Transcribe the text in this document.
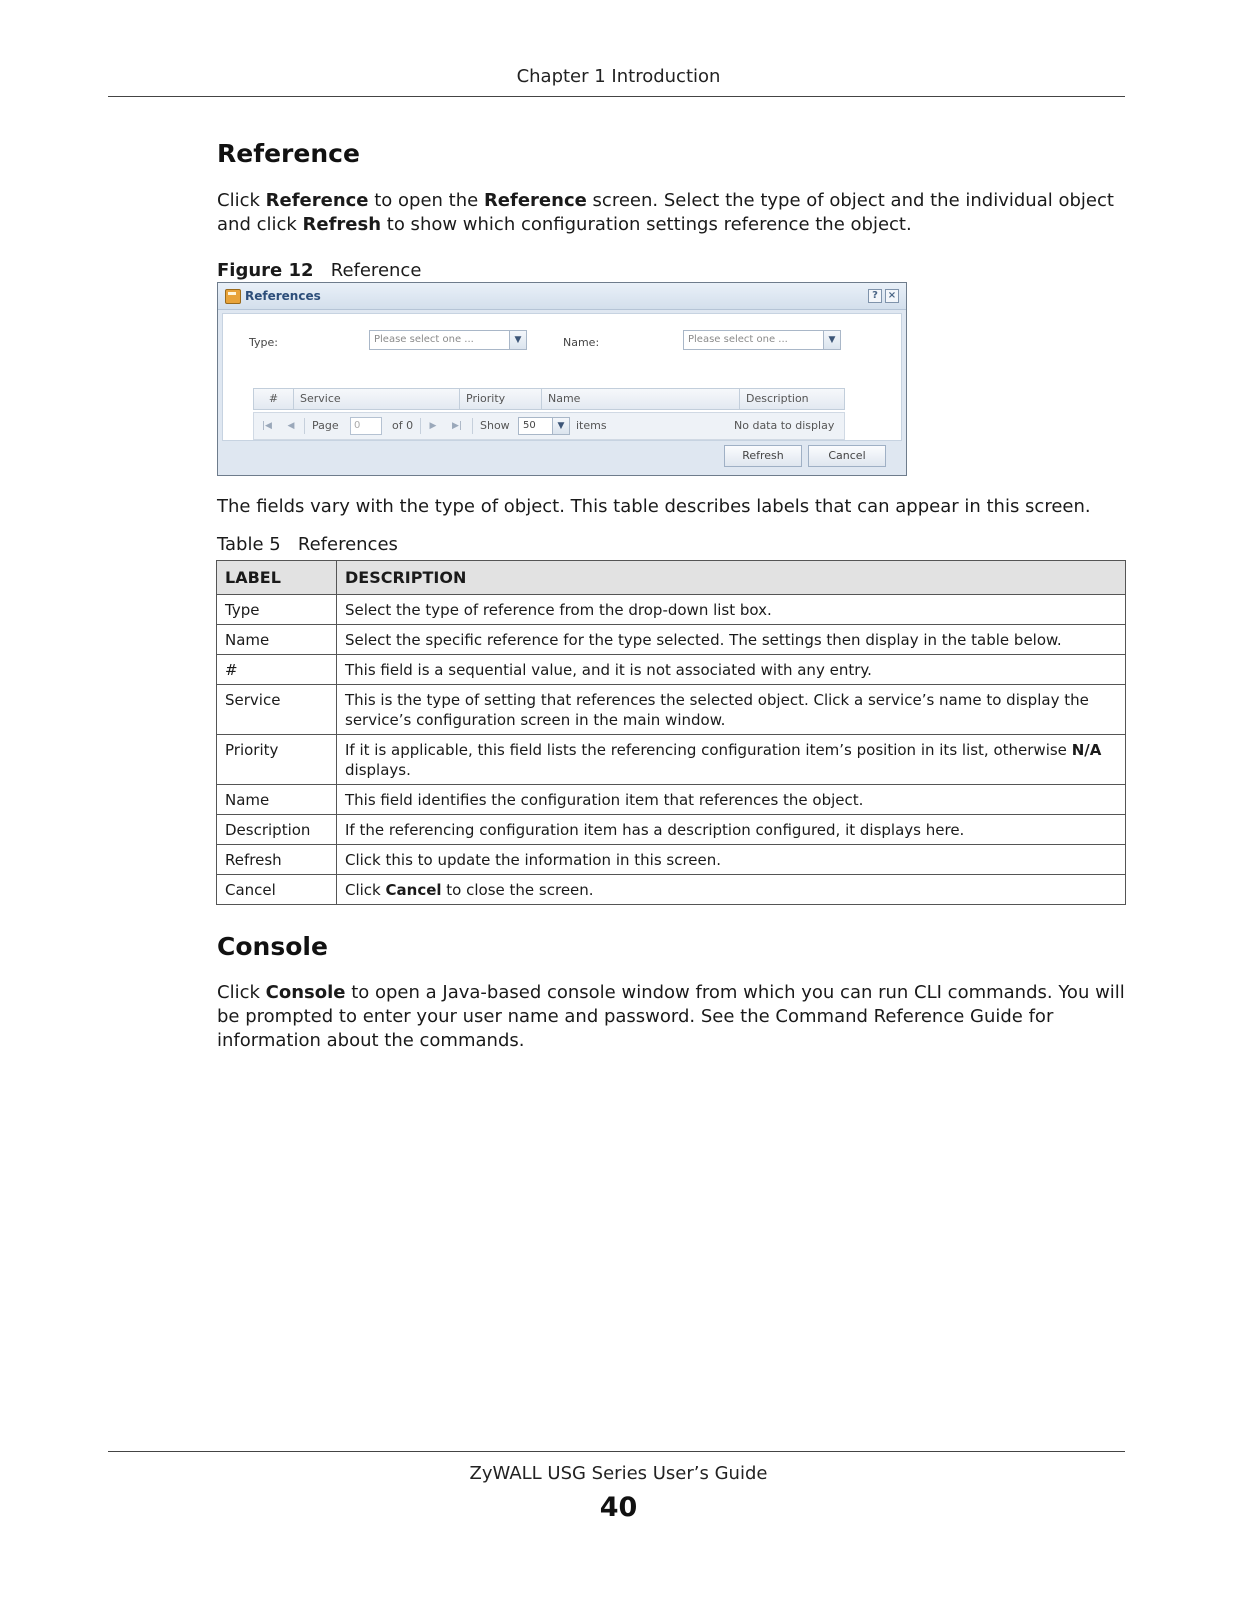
Chapter 1 Introduction
Reference

Click Reference to open the Reference screen. Select the type of object and the individual object and click Refresh to show which configuration settings reference the object.

Figure 12 Reference
References	? ×
Type:	Please select one ...	▼	Name:	Please select one ...	▼
#	Service	Priority	Name	Description
|◀	◀	Page	0	of 0	▶	▶| Show	50	▼	items	No data to display
Refresh	Cancel

The fields vary with the type of object. This table describes labels that can appear in this screen.

Table 5   References
LABEL	DESCRIPTION
Type	Select the type of reference from the drop-down list box.
Name	Select the specific reference for the type selected. The settings then display in the table below.
#	This field is a sequential value, and it is not associated with any entry.
Service	This is the type of setting that references the selected object. Click a service’s name to display the service’s configuration screen in the main window.
Priority	If it is applicable, this field lists the referencing configuration item’s position in its list, otherwise N/A displays.
Name	This field identifies the configuration item that references the object.
Description	If the referencing configuration item has a description configured, it displays here.
Refresh	Click this to update the information in this screen.
Cancel	Click Cancel to close the screen.
Console

Click Console to open a Java-based console window from which you can run CLI commands. You will be prompted to enter your user name and password. See the Command Reference Guide for information about the commands.

ZyWALL USG Series User’s Guide
40
